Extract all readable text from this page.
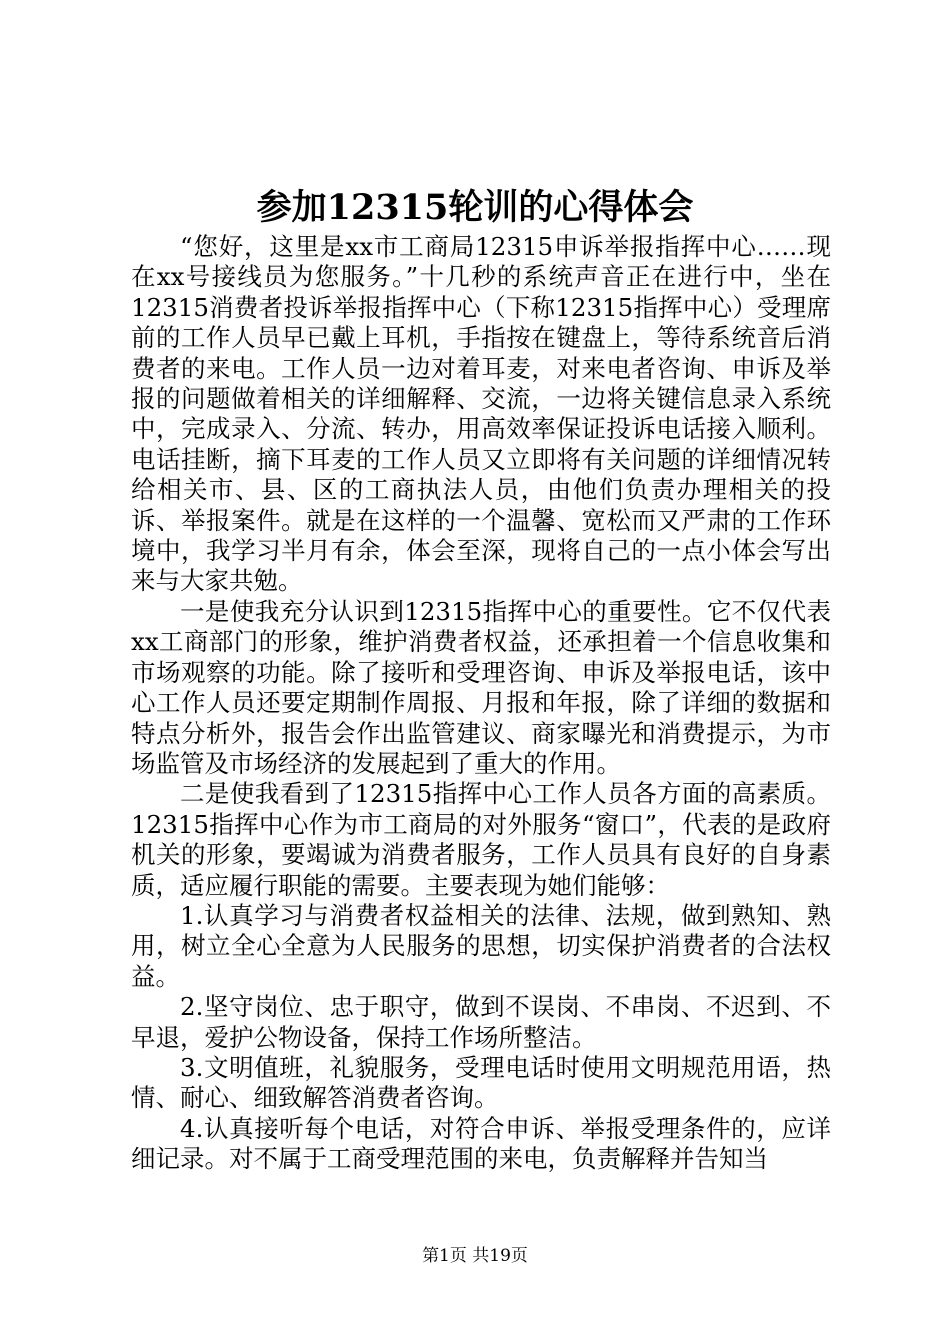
参加12315轮训的心得体会

“您好，这里是xx市工商局12315申诉举报指挥中心……现在xx号接线员为您服务。”十几秒的系统声音正在进行中，坐在12315消费者投诉举报指挥中心（下称12315指挥中心）受理席前的工作人员早已戴上耳机，手指按在键盘上，等待系统音后消费者的来电。工作人员一边对着耳麦，对来电者咨询、申诉及举报的问题做着相关的详细解释、交流，一边将关键信息录入系统中，完成录入、分流、转办，用高效率保证投诉电话接入顺利。电话挂断，摘下耳麦的工作人员又立即将有关问题的详细情况转给相关市、县、区的工商执法人员，由他们负责办理相关的投诉、举报案件。就是在这样的一个温馨、宽松而又严肃的工作环境中，我学习半月有余，体会至深，现将自己的一点小体会写出来与大家共勉。

一是使我充分认识到12315指挥中心的重要性。它不仅代表xx工商部门的形象，维护消费者权益，还承担着一个信息收集和市场观察的功能。除了接听和受理咨询、申诉及举报电话，该中心工作人员还要定期制作周报、月报和年报，除了详细的数据和特点分析外，报告会作出监管建议、商家曝光和消费提示，为市场监管及市场经济的发展起到了重大的作用。

二是使我看到了12315指挥中心工作人员各方面的高素质。12315指挥中心作为市工商局的对外服务“窗口”，代表的是政府机关的形象，要竭诚为消费者服务，工作人员具有良好的自身素质，适应履行职能的需要。主要表现为她们能够：

1.认真学习与消费者权益相关的法律、法规，做到熟知、熟用，树立全心全意为人民服务的思想，切实保护消费者的合法权益。

2.坚守岗位、忠于职守，做到不误岗、不串岗、不迟到、不早退，爱护公物设备，保持工作场所整洁。

3.文明值班，礼貌服务，受理电话时使用文明规范用语，热情、耐心、细致解答消费者咨询。

4.认真接听每个电话，对符合申诉、举报受理条件的，应详细记录。对不属于工商受理范围的来电，负责解释并告知当

第1页 共19页
